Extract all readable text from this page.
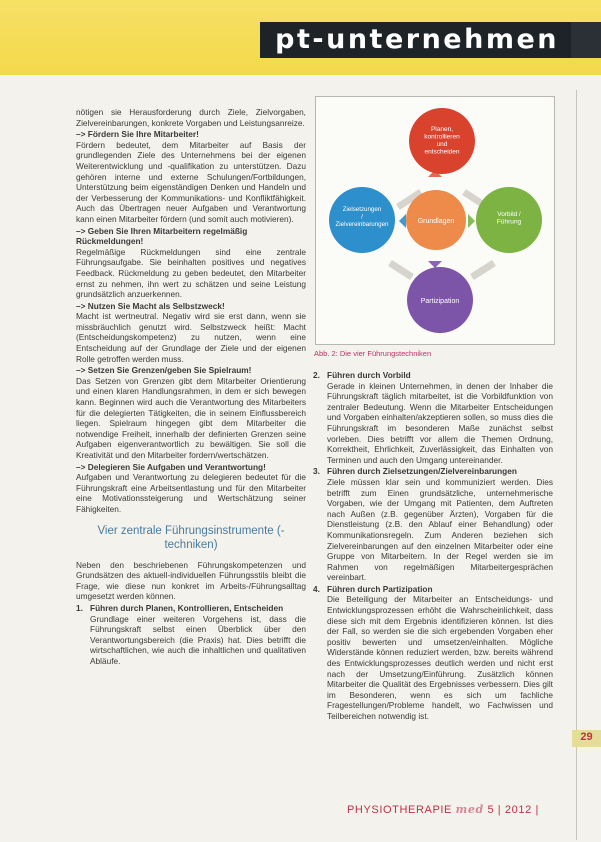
pt-unternehmen

nötigen sie Herausforderung durch Ziele, Zielvorgaben, Zielvereinbarungen, konkrete Vorgaben und Leistungsanreize.

–> Fördern Sie Ihre Mitarbeiter!

Fördern bedeutet, dem Mitarbeiter auf Basis der grundlegenden Ziele des Unternehmens bei der eigenen Weiterentwicklung und -qualifikation zu unterstützen. Dazu gehören interne und externe Schulungen/Fortbildungen, Unterstützung beim eigenständigen Denken und Handeln und der Verbesserung der Kommunikations- und Konfliktfähigkeit. Auch das Übertragen neuer Aufgaben und Verantwortung kann einen Mitarbeiter fördern (und somit auch motivieren).

–> Geben Sie Ihren Mitarbeitern regelmäßig Rückmeldungen!

Regelmäßige Rückmeldungen sind eine zentrale Führungsaufgabe. Sie beinhalten positives und negatives Feedback. Rückmeldung zu geben bedeutet, den Mitarbeiter ernst zu nehmen, ihn wert zu schätzen und seine Leistung grundsätzlich anzuerkennen.

–> Nutzen Sie Macht als Selbstzweck!

Macht ist wertneutral. Negativ wird sie erst dann, wenn sie missbräuchlich genutzt wird. Selbstzweck heißt: Macht (Entscheidungskompetenz) zu nutzen, wenn eine Entscheidung auf der Grundlage der Ziele und der eigenen Rolle getroffen werden muss.

–> Setzen Sie Grenzen/geben Sie Spielraum!

Das Setzen von Grenzen gibt dem Mitarbeiter Orientierung und einen klaren Handlungsrahmen, in dem er sich bewegen kann. Beginnen wird auch die Verantwortung des Mitarbeiters für die delegierten Tätigkeiten, die in seinem Einflussbereich liegen. Spielraum hingegen gibt dem Mitarbeiter die notwendige Freiheit, innerhalb der definierten Grenzen seine Aufgaben eigenverantwortlich zu bewältigen. Sie soll die Kreativität und den Mitarbeiter fordern/wertschätzen.

–> Delegieren Sie Aufgaben und Verantwortung!

Aufgaben und Verantwortung zu delegieren bedeutet für die Führungskraft eine Arbeitsentlastung und für den Mitarbeiter eine Motivationssteigerung und Wertschätzung seiner Fähigkeiten.

Vier zentrale Führungsinstrumente (-techniken)

Neben den beschriebenen Führungskompetenzen und Grundsätzen des aktuell-individuellen Führungsstils bleibt die Frage, wie diese nun konkret im Arbeits-/Führungsalltag umgesetzt werden können.

1. Führen durch Planen, Kontrollieren, Entscheiden

Grundlage einer weiteren Vorgehens ist, dass die Führungskraft selbst einen Überblick über den Verantwortungsbereich (die Praxis) hat. Dies betrifft die wirtschaftlichen, wie auch die inhaltlichen und qualitativen Abläufe.

Planen, kontrollieren und entscheiden
Zielsetzungen / Zielvereinbarungen
Vorbild / Führung
Partizipation
Grundlagen
Abb. 2: Die vier Führungstechniken
2. Führen durch Vorbild

Gerade in kleinen Unternehmen, in denen der Inhaber die Führungskraft täglich mitarbeitet, ist die Vorbildfunktion von zentraler Bedeutung. Wenn die Mitarbeiter Entscheidungen und Vorgaben einhalten/akzeptieren sollen, so muss dies die Führungskraft im besonderen Maße zunächst selbst vorleben. Dies betrifft vor allem die Themen Ordnung, Korrektheit, Ehrlichkeit, Zuverlässigkeit, das Einhalten von Terminen und auch den Umgang untereinander.

3. Führen durch Zielsetzungen/Zielvereinbarungen

Ziele müssen klar sein und kommuniziert werden. Dies betrifft zum Einen grundsätzliche, unternehmerische Vorgaben, wie der Umgang mit Patienten, dem Auftreten nach Außen (z.B. gegenüber Ärzten), Vorgaben für die Dienstleistung (z.B. den Ablauf einer Behandlung) oder Kommunikationsregeln. Zum Anderen beziehen sich Zielvereinbarungen auf den einzelnen Mitarbeiter oder eine Gruppe von Mitarbeitern. In der Regel werden sie im Rahmen von regelmäßigen Mitarbeitergesprächen vereinbart.

4. Führen durch Partizipation

Die Beteiligung der Mitarbeiter an Entscheidungs- und Entwicklungsprozessen erhöht die Wahrscheinlichkeit, dass diese sich mit dem Ergebnis identifizieren können. Ist dies der Fall, so werden sie die sich ergebenden Vorgaben eher positiv bewerten und umsetzen/einhalten. Mögliche Widerstände können reduziert werden, bzw. bereits während des Entwicklungsprozesses deutlich werden und nicht erst nach der Umsetzung/Einführung. Zusätzlich können Mitarbeiter die Qualität des Ergebnisses verbessern. Dies gilt im Besonderen, wenn es sich um fachliche Fragestellungen/Probleme handelt, wo Fachwissen und Teilbereichen notwendig ist.

29
PHYSIOTHERAPIE med 5 | 2012 |
